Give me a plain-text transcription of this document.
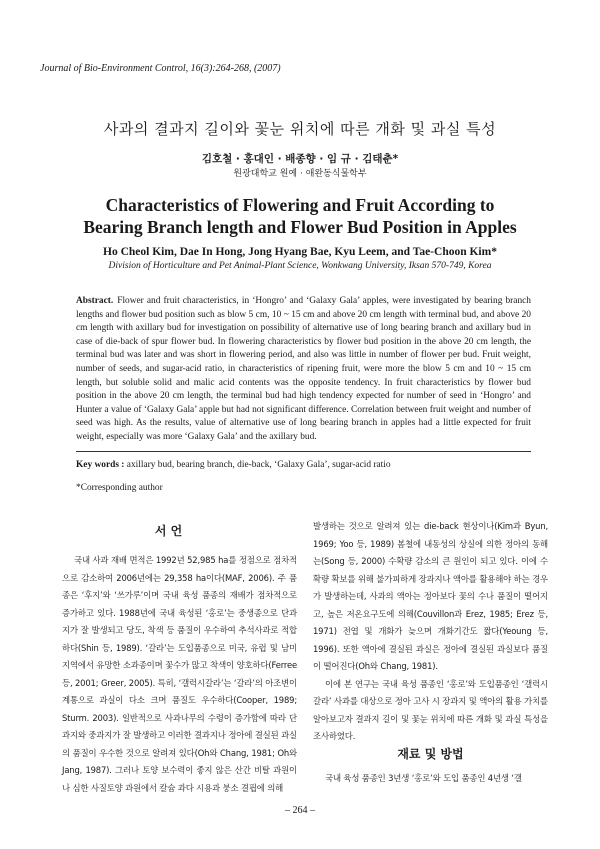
Journal of Bio-Environment Control, 16(3):264-268, (2007)
사과의 결과지 길이와 꽃눈 위치에 따른 개화 및 과실 특성
김호철 · 홍대인 · 배종향 · 임 규 · 김태춘*
원광대학교 원예 · 애완동식물학부
Characteristics of Flowering and Fruit According to
Bearing Branch length and Flower Bud Position in Apples
Ho Cheol Kim, Dae In Hong, Jong Hyang Bae, Kyu Leem, and Tae-Choon Kim*
Division of Horticulture and Pet Animal-Plant Science, Wonkwang University, Iksan 570-749, Korea
Abstract. Flower and fruit characteristics, in ‘Hongro’ and ‘Galaxy Gala’ apples, were investigated by bearing branch lengths and flower bud position such as blow 5 cm, 10 ~ 15 cm and above 20 cm length with terminal bud, and above 20 cm length with axillary bud for investigation on possibility of alternative use of long bearing branch and axillary bud in case of die-back of spur flower bud. In flowering characteristics by flower bud position in the above 20 cm length, the terminal bud was later and was short in flowering period, and also was little in number of flower per bud. Fruit weight, number of seeds, and sugar-acid ratio, in characteristics of ripening fruit, were more the blow 5 cm and 10 ~ 15 cm length, but soluble solid and malic acid contents was the opposite tendency. In fruit characteristics by flower bud position in the above 20 cm length, the terminal bud had high tendency expected for number of seed in ‘Hongro’ and Hunter a value of ‘Galaxy Gala’ apple but had not significant difference. Correlation between fruit weight and number of seed was high. As the results, value of alternative use of long bearing branch in apples had a little expected for fruit weight, especially was more ‘Galaxy Gala’ and the axillary bud.
Key words : axillary bud, bearing branch, die-back, ‘Galaxy Gala’, sugar-acid ratio
*Corresponding author
서 언

국내 사과 재배 면적은 1992년 52,985 ha를 정점으로 점차적으로 감소하여 2006년에는 29,358 ha이다(MAF, 2006). 주 품종은 ‘후지’와 ‘쓰가루’이며 국내 육성 품종의 재배가 점차적으로 증가하고 있다. 1988년에 국내 육성된 ‘홍로’는 중생종으로 단과지가 잘 발생되고 당도, 착색 등 품질이 우수하여 추석사과로 적합하다(Shin 등, 1989). ‘갈라’는 도입품종으로 미국, 유럽 및 남미지역에서 유망한 소과종이며 꽃수가 많고 착색이 양호하다(Ferree 등, 2001; Greer, 2005). 특히, ‘갤럭시갈라’는 ‘갈라’의 아조변이 계통으로 과실이 다소 크며 품질도 우수하다(Cooper, 1989; Sturm. 2003). 일반적으로 사과나무의 수령이 증가함에 따라 단과지와 중과지가 잘 발생하고 이러한 결과지나 정아에 결실된 과실의 품질이 우수한 것으로 알려져 있다(Oh와 Chang, 1981; Oh와 Jang, 1987). 그러나 토양 보수력이 좋지 않은 산간 비탈 과원이나 심한 사질토양 과원에서 칼슘 과다 시용과 붕소 결핍에 의해

발생하는 것으로 알려져 있는 die-back 현상이나(Kim과 Byun, 1969; Yoo 등, 1989) 봄철에 내동성의 상실에 의한 정아의 동해는(Song 등, 2000) 수확량 감소의 큰 원인이 되고 있다. 이에 수확량 확보를 위해 불가피하게 장과지나 액아를 활용해야 하는 경우가 발생하는데, 사과의 액아는 정아보다 꽃의 수나 품질이 떨어지고, 높은 저온요구도에 의해(Couvillon과 Erez, 1985; Erez 등, 1971) 전엽 및 개화가 늦으며 개화기간도 짧다(Yeoung 등, 1996). 또한 액아에 결실된 과실은 정아에 결실된 과실보다 품질이 떨어진다(Oh와 Chang, 1981).

이에 본 연구는 국내 육성 품종인 ‘홍로’와 도입품종인 ‘갤럭시갈라’ 사과를 대상으로 정아 고사 시 장과지 및 액아의 활용 가치를 알아보고자 결과지 길이 및 꽃눈 위치에 따른 개화 및 과실 특성을 조사하였다.

재료 및 방법

국내 육성 품종인 3년생 ‘홍로’와 도입 품종인 4년생 ‘갤

– 264 –
